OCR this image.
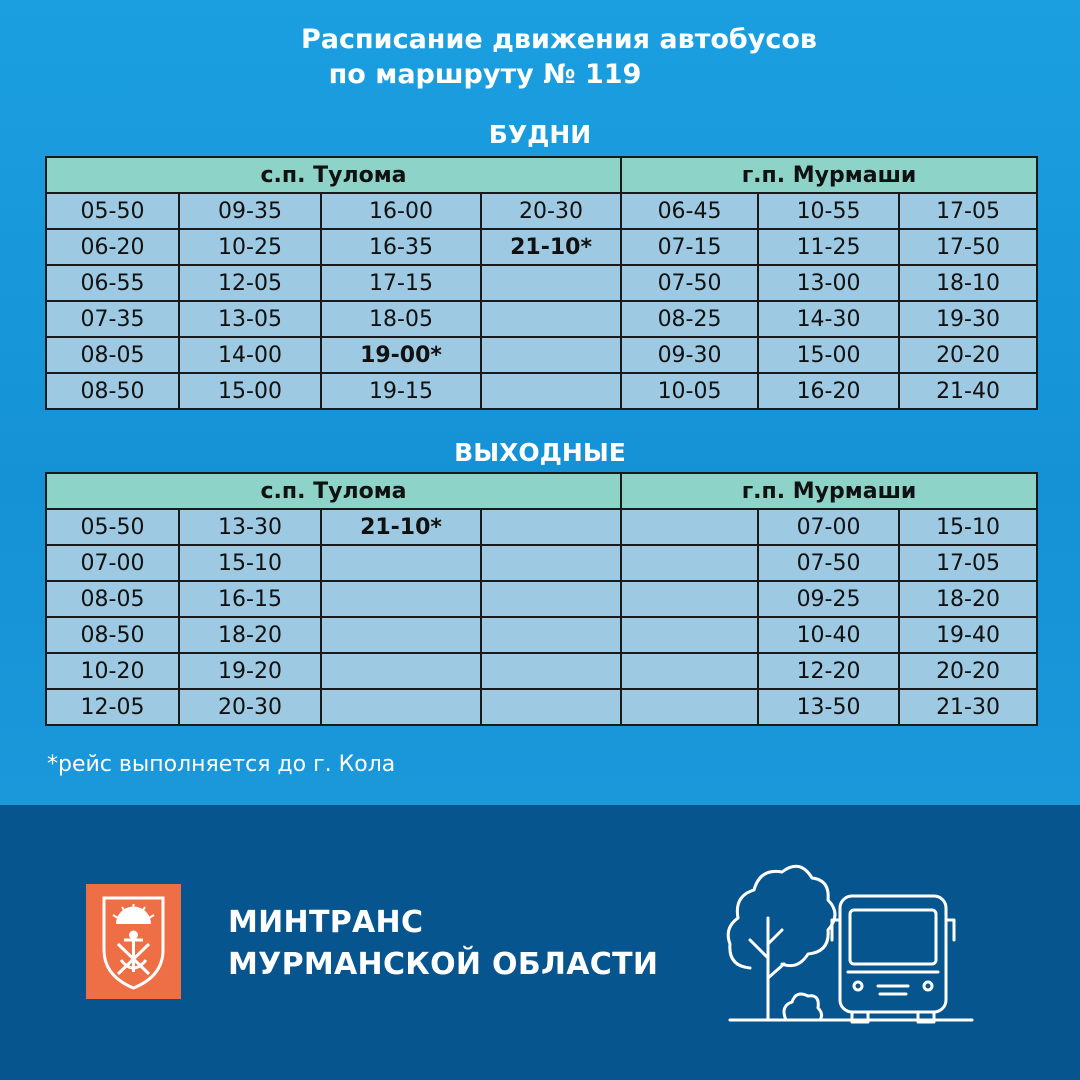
Расписание движения автобусов
по маршруту № 119
БУДНИ
с.п. Тулома				г.п. Мурмаши		
05-50	09-35	16-00	20-30	06-45	10-55	17-05
06-20	10-25	16-35	21-10*	07-15	11-25	17-50
06-55	12-05	17-15		07-50	13-00	18-10
07-35	13-05	18-05		08-25	14-30	19-30
08-05	14-00	19-00*		09-30	15-00	20-20
08-50	15-00	19-15		10-05	16-20	21-40
ВЫХОДНЫЕ
с.п. Тулома				г.п. Мурмаши		
05-50	13-30	21-10*			07-00	15-10
07-00	15-10				07-50	17-05
08-05	16-15				09-25	18-20
08-50	18-20				10-40	19-40
10-20	19-20				12-20	20-20
12-05	20-30				13-50	21-30
*рейс выполняется до г. Кола
МИНТРАНС
МУРМАНСКОЙ ОБЛАСТИ
